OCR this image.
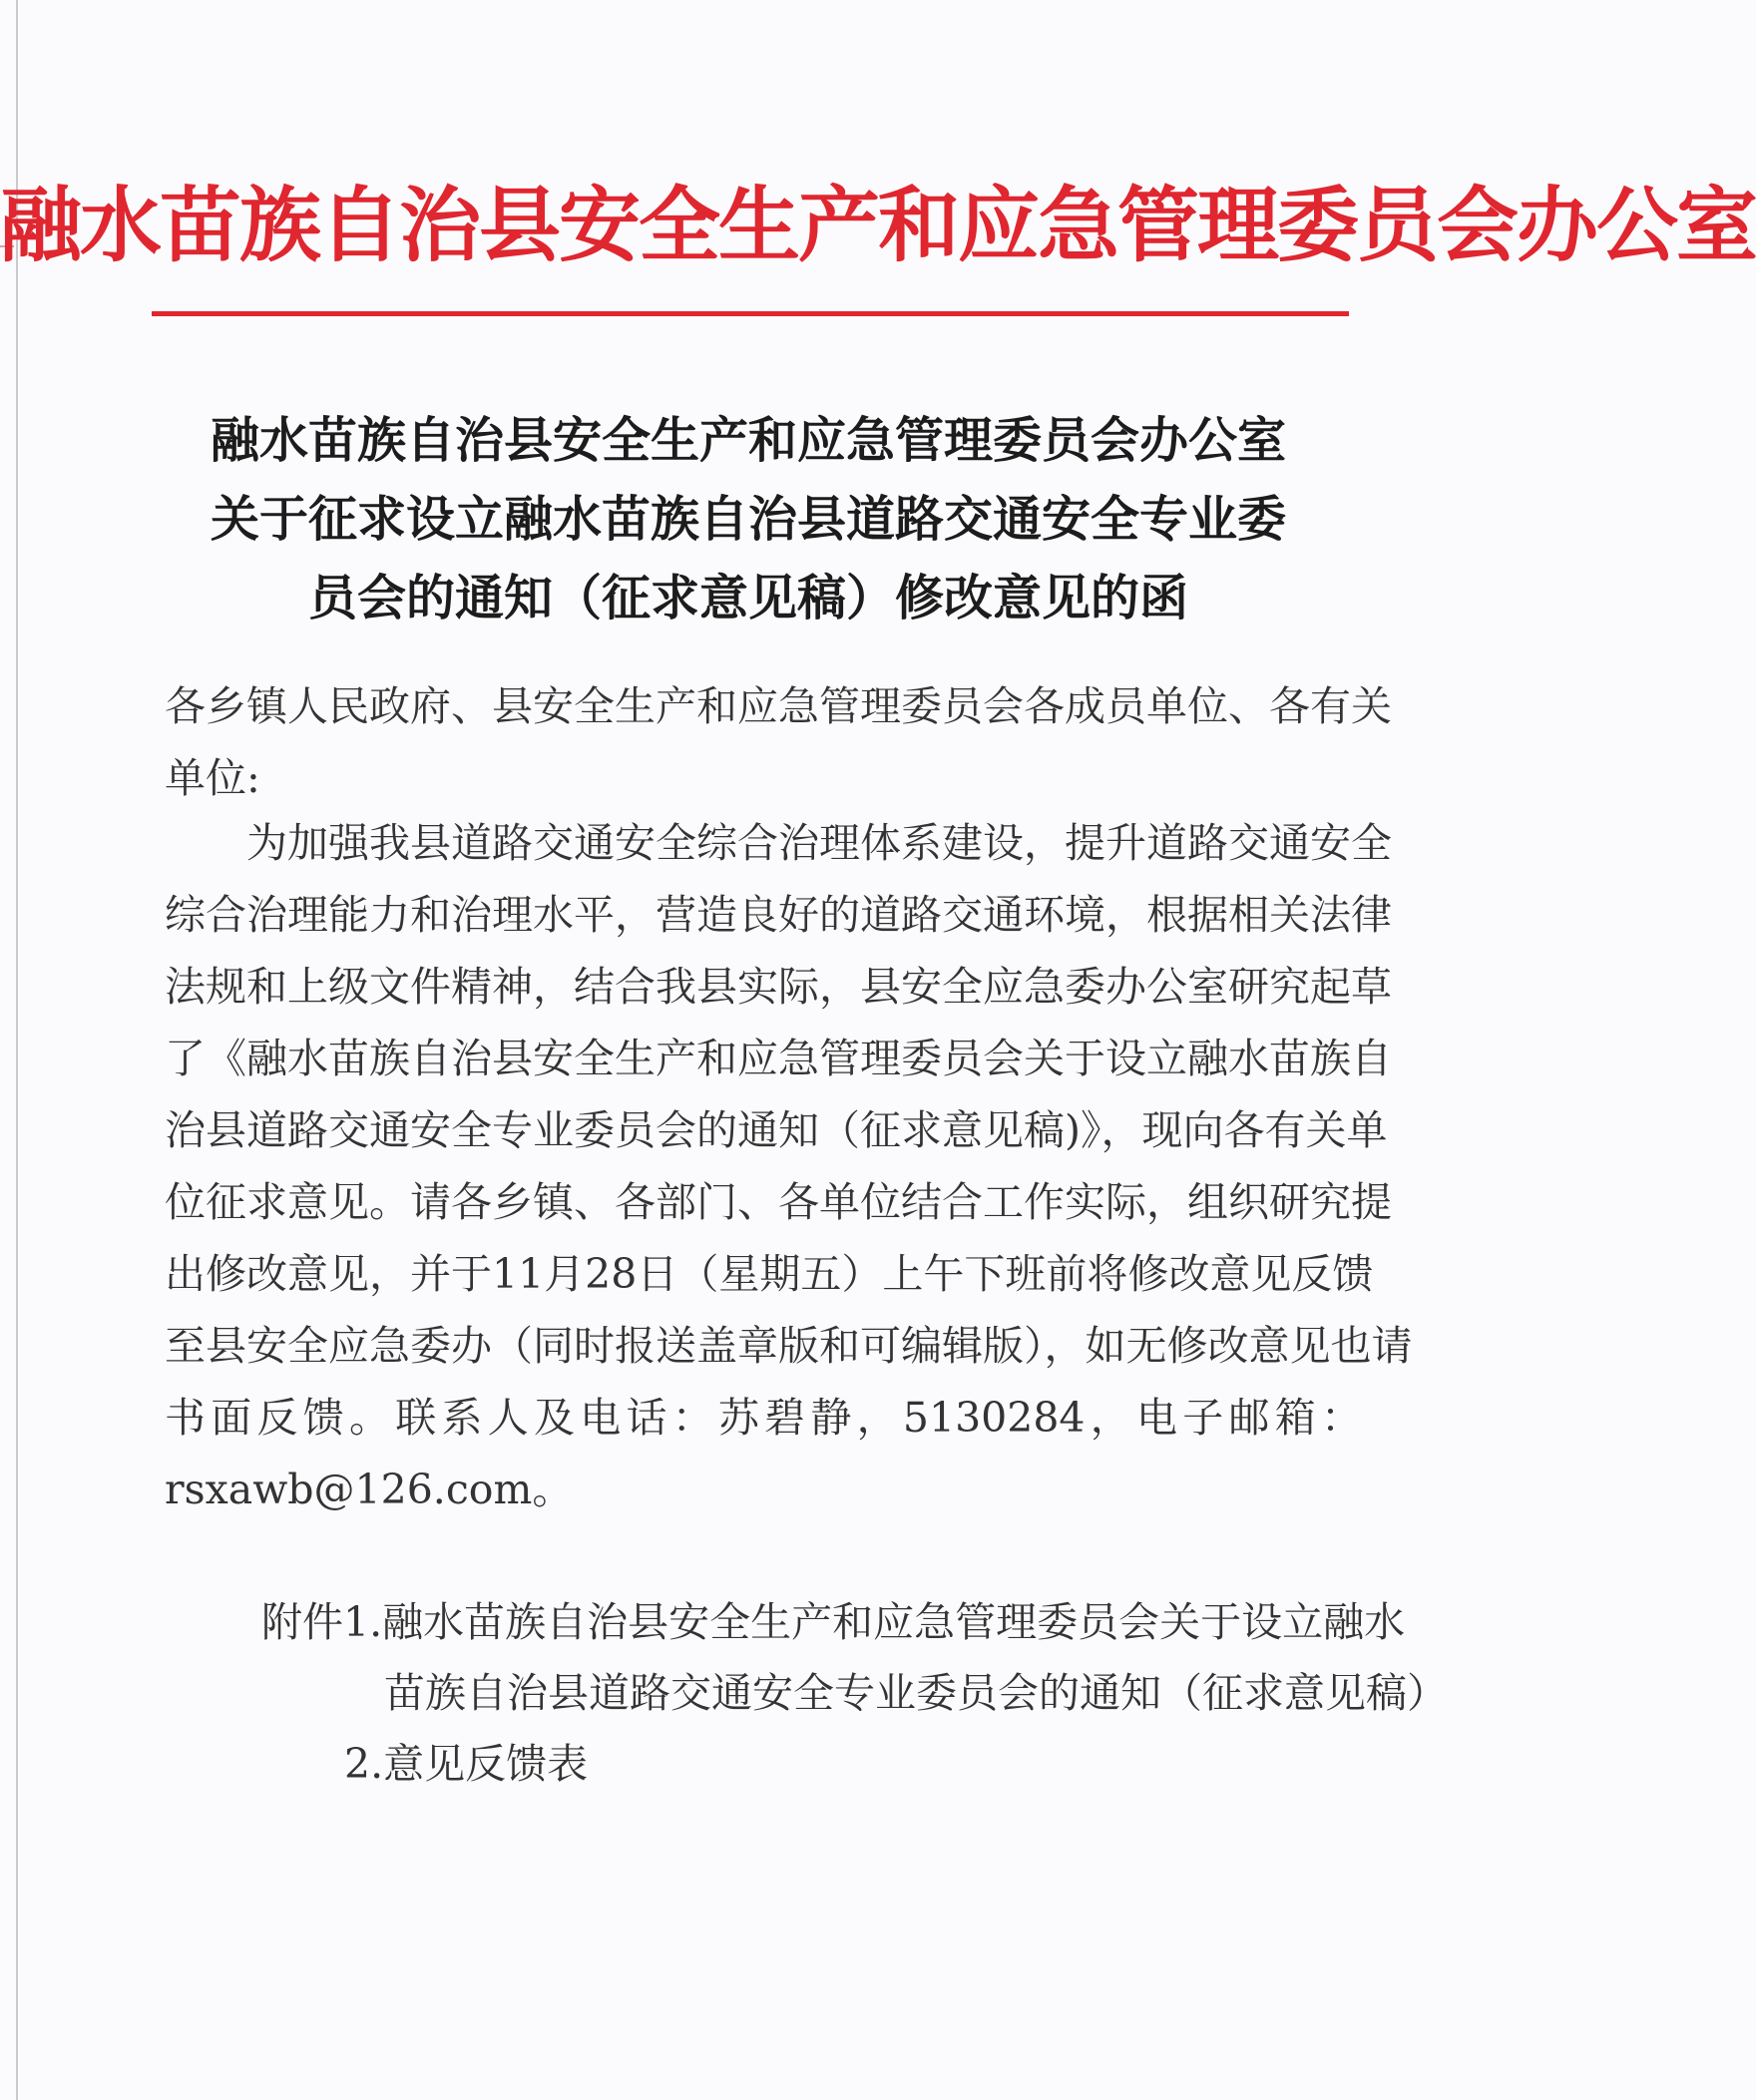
融水苗族自治县安全生产和应急管理委员会办公室
融水苗族自治县安全生产和应急管理委员会办公室
关于征求设立融水苗族自治县道路交通安全专业委
员会的通知（征求意见稿）修改意见的函
各乡镇人民政府、县安全生产和应急管理委员会各成员单位、各有关
单位:
为加强我县道路交通安全综合治理体系建设，提升道路交通安全
综合治理能力和治理水平，营造良好的道路交通环境，根据相关法律
法规和上级文件精神，结合我县实际，县安全应急委办公室研究起草
了《融水苗族自治县安全生产和应急管理委员会关于设立融水苗族自
治县道路交通安全专业委员会的通知（征求意见稿)》，现向各有关单
位征求意见。请各乡镇、各部门、各单位结合工作实际，组织研究提
出修改意见，并于11月28日（星期五）上午下班前将修改意见反馈
至县安全应急委办（同时报送盖章版和可编辑版），如无修改意见也请
书面反馈。联系人及电话：苏碧静，5130284，电子邮箱：
rsxawb@126.com。
附件1.融水苗族自治县安全生产和应急管理委员会关于设立融水
苗族自治县道路交通安全专业委员会的通知（征求意见稿）
2.意见反馈表
